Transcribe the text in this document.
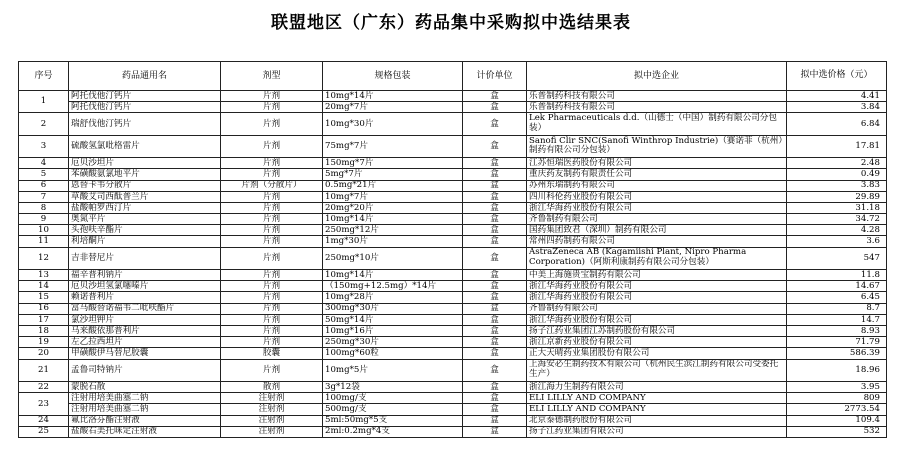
联盟地区（广东）药品集中采购拟中选结果表
序号	药品通用名	剂型	规格包装	计价单位	拟中选企业	拟中选价格（元）
1	阿托伐他汀钙片	片剂	10mg*14片	盒	乐普制药科技有限公司	4.41
	阿托伐他汀钙片	片剂	20mg*7片	盒	乐普制药科技有限公司	3.84
2	瑞舒伐他汀钙片	片剂	10mg*30片	盒	Lek Pharmaceuticals d.d.（山德士（中国）制药有限公司分包装）	6.84
3	硫酸氢氯吡格雷片	片剂	75mg*7片	盒	Sanofi Clir SNC(Sanofi Winthrop Industrie)（赛诺菲（杭州）制药有限公司分包装）	17.81
4	厄贝沙坦片	片剂	150mg*7片	盒	江苏恒瑞医药股份有限公司	2.48
5	苯磺酸氨氯地平片	片剂	5mg*7片	盒	重庆药友制药有限责任公司	0.49
6	恩替卡韦分散片	片剂（分散片）	0.5mg*21片	盒	苏州东瑞制药有限公司	3.83
7	草酸艾司西酞普兰片	片剂	10mg*7片	盒	四川科伦药业股份有限公司	29.89
8	盐酸帕罗西汀片	片剂	20mg*20片	盒	浙江华海药业股份有限公司	31.18
9	奥氮平片	片剂	10mg*14片	盒	齐鲁制药有限公司	34.72
10	头孢呋辛酯片	片剂	250mg*12片	盒	国药集团致君（深圳）制药有限公司	4.28
11	利培酮片	片剂	1mg*30片	盒	常州四药制药有限公司	3.6
12	吉非替尼片	片剂	250mg*10片	盒	AstraZeneca AB (Kagamiishi Plant, Nipro Pharma Corporation)（阿斯利康制药有限公司分包装）	547
13	福辛普利钠片	片剂	10mg*14片	盒	中美上海施贵宝制药有限公司	11.8
14	厄贝沙坦氢氯噻嗪片	片剂	（150mg+12.5mg）*14片	盒	浙江华海药业股份有限公司	14.67
15	赖诺普利片	片剂	10mg*28片	盒	浙江华海药业股份有限公司	6.45
16	富马酸替诺福韦二吡呋酯片	片剂	300mg*30片	盒	齐鲁制药有限公司	8.7
17	氯沙坦钾片	片剂	50mg*14片	盒	浙江华海药业股份有限公司	14.7
18	马来酸依那普利片	片剂	10mg*16片	盒	扬子江药业集团江苏制药股份有限公司	8.93
19	左乙拉西坦片	片剂	250mg*30片	盒	浙江京新药业股份有限公司	71.79
20	甲磺酸伊马替尼胶囊	胶囊	100mg*60粒	盒	正大天晴药业集团股份有限公司	586.39
21	孟鲁司特钠片	片剂	10mg*5片	盒	上海安必生制药技术有限公司（杭州民生滨江制药有限公司受委托生产）	18.96
22	蒙脱石散	散剂	3g*12袋	盒	浙江海力生制药有限公司	3.95
23	注射用培美曲塞二钠	注射剂	100mg/支	盒	ELI LILLY AND COMPANY	809
	注射用培美曲塞二钠	注射剂	500mg/支	盒	ELI LILLY AND COMPANY	2773.54
24	氟比洛芬酯注射液	注射剂	5ml:50mg*5支	盒	北京泰德制药股份有限公司	109.4
25	盐酸右美托咪定注射液	注射剂	2ml:0.2mg*4支	盒	扬子江药业集团有限公司	532
